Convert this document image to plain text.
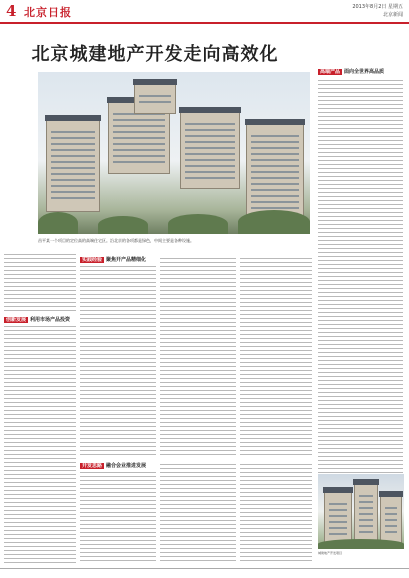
4 北京日报	2013年8月2日 星期五
北京新闻
北京城建地产开发走向高效化
昌平某一个项目的定位高的高端住宅区。沿北京的各项都是绿色，中间主要是各种设施。
创新发展 利用市场产品投资
实践经验 聚焦开产品精细化
开发思路 融合会业推进发展
高端产品 面向全世界高品质
城建地产开发项目
